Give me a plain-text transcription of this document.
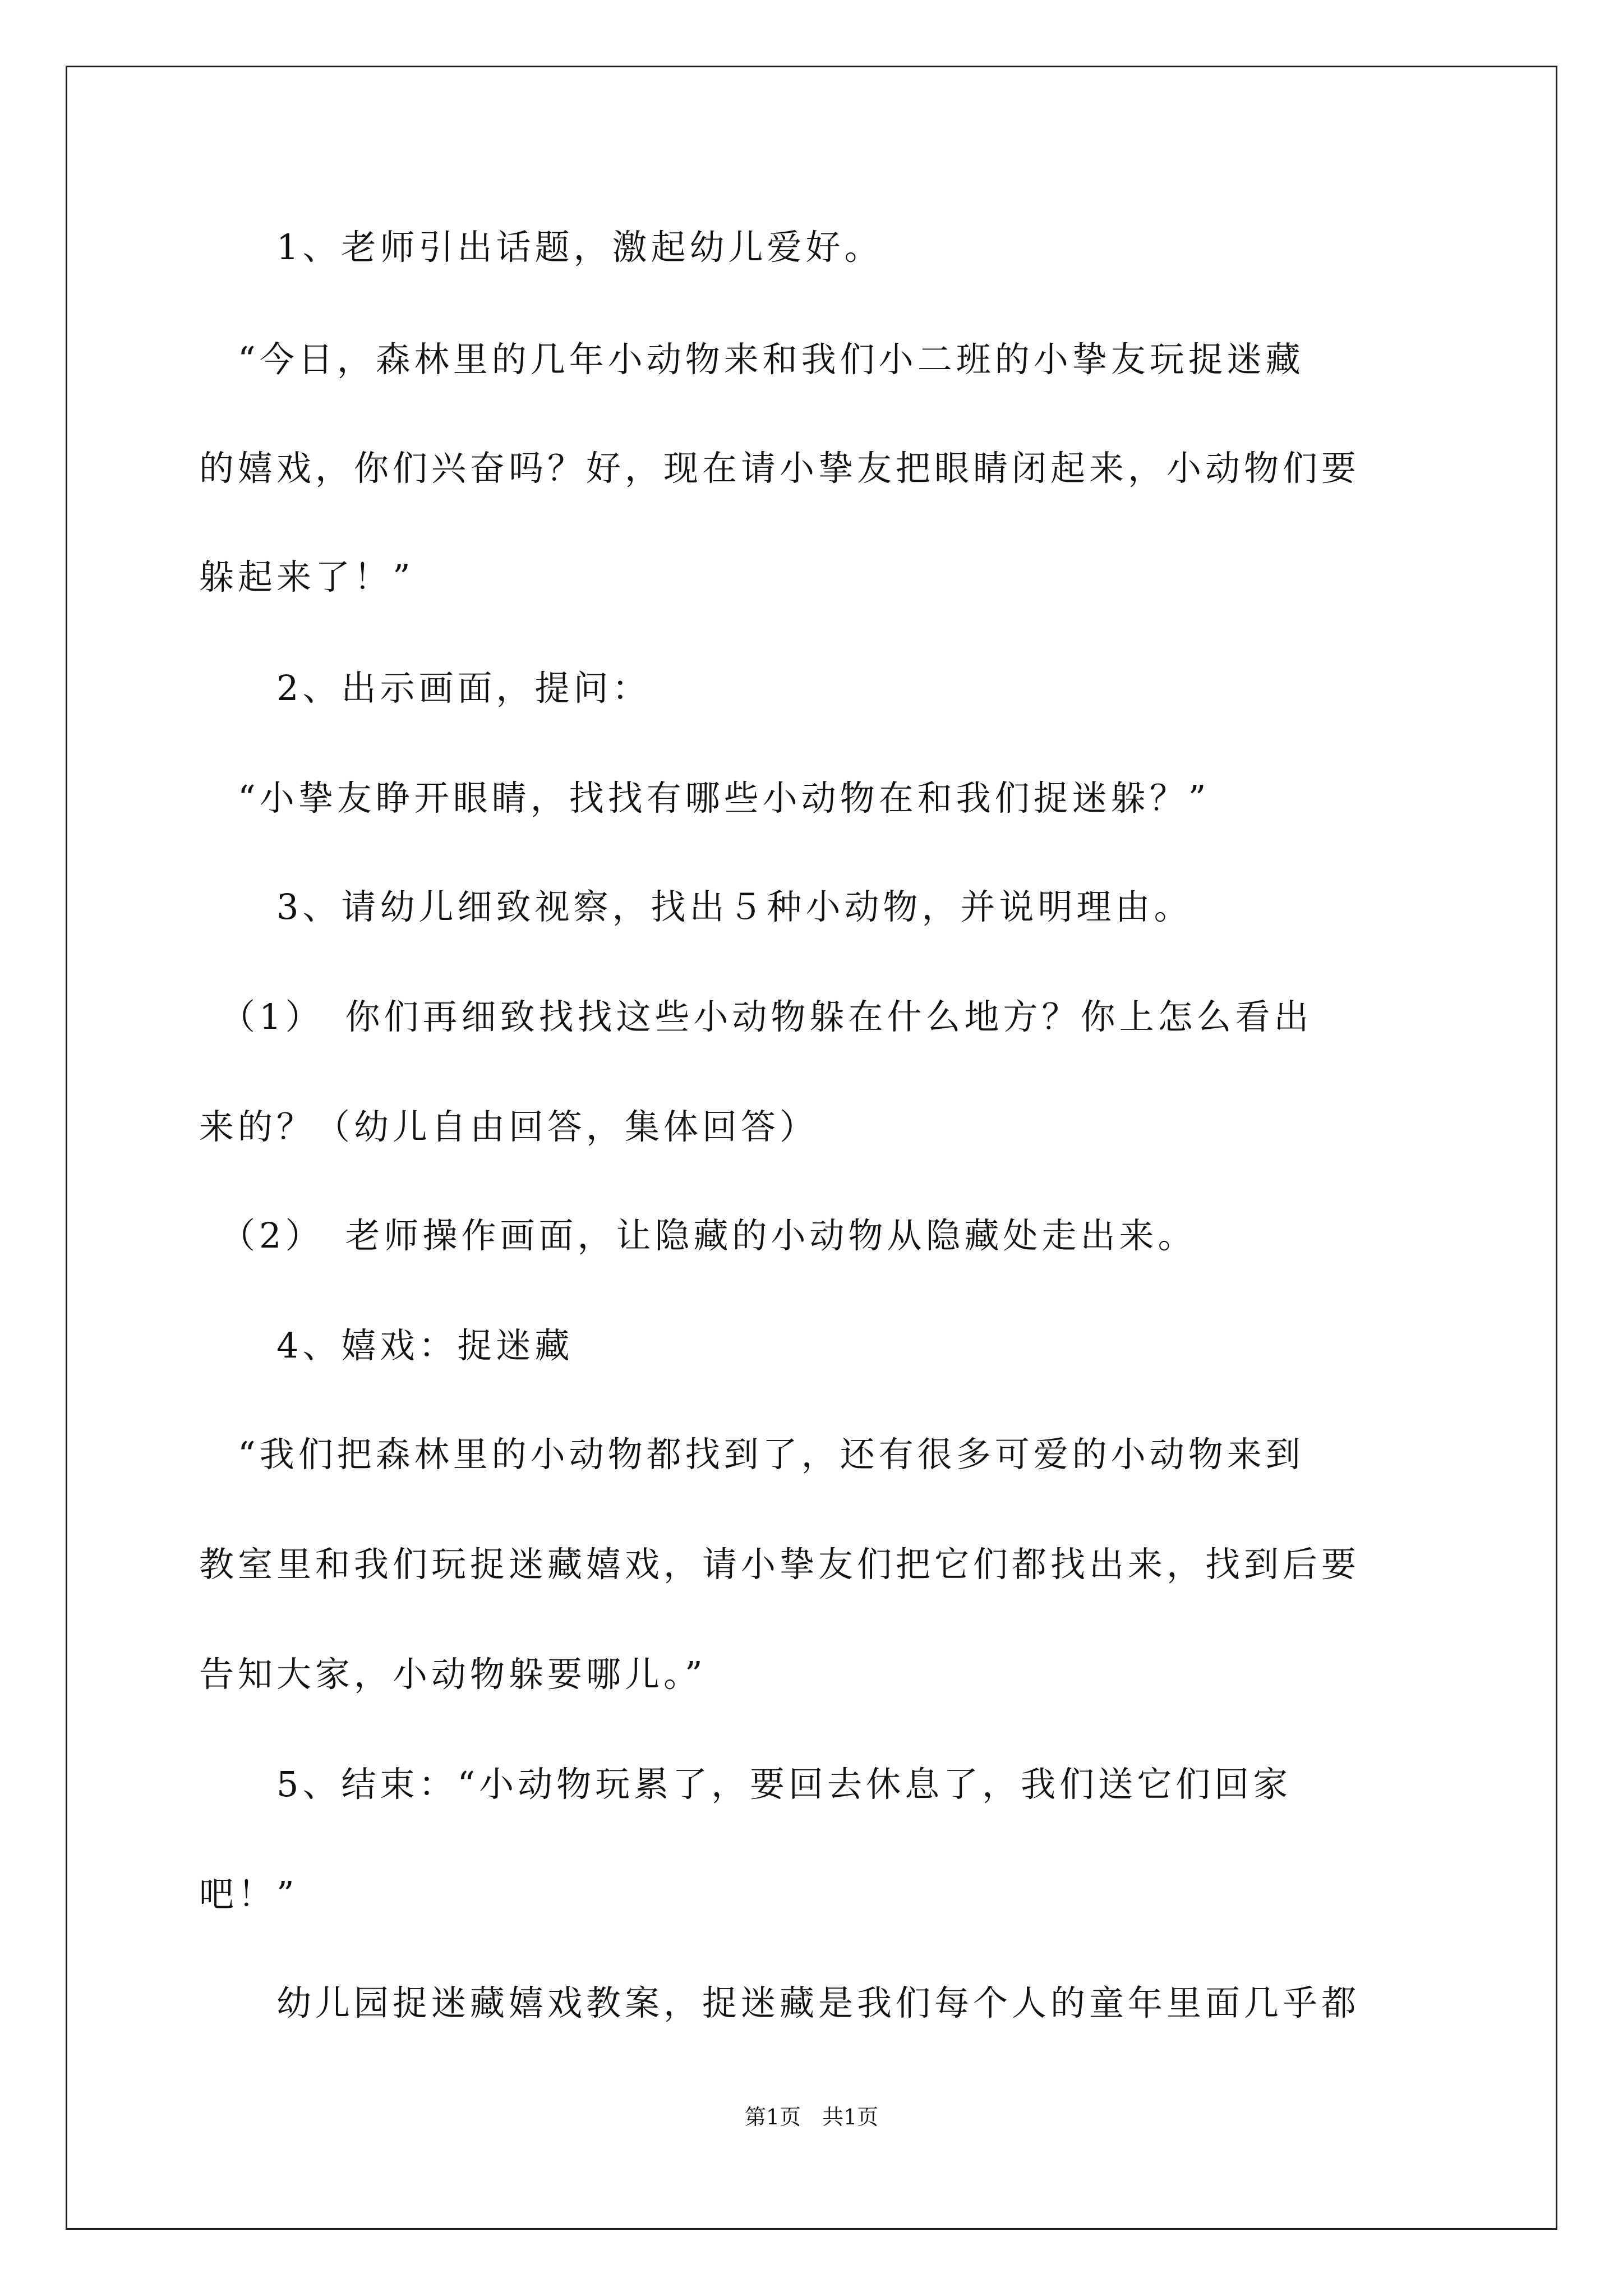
　　1、老师引出话题，激起幼儿爱好。
　“今日，森林里的几年小动物来和我们小二班的小挚友玩捉迷藏
的嬉戏，你们兴奋吗？好，现在请小挚友把眼睛闭起来，小动物们要
躲起来了！”
　　2、出示画面，提问：
　“小挚友睁开眼睛，找找有哪些小动物在和我们捉迷躲？”
　　3、请幼儿细致视察，找出５种小动物，并说明理由。
　（1）　你们再细致找找这些小动物躲在什么地方？你上怎么看出
来的？（幼儿自由回答，集体回答）
　（2）　老师操作画面，让隐藏的小动物从隐藏处走出来。
　　4、嬉戏：捉迷藏
　“我们把森林里的小动物都找到了，还有很多可爱的小动物来到
教室里和我们玩捉迷藏嬉戏，请小挚友们把它们都找出来，找到后要
告知大家，小动物躲要哪儿。”
　　5、结束：“小动物玩累了，要回去休息了，我们送它们回家
吧！”
　　幼儿园捉迷藏嬉戏教案，捉迷藏是我们每个人的童年里面几乎都
第1页　共1页
